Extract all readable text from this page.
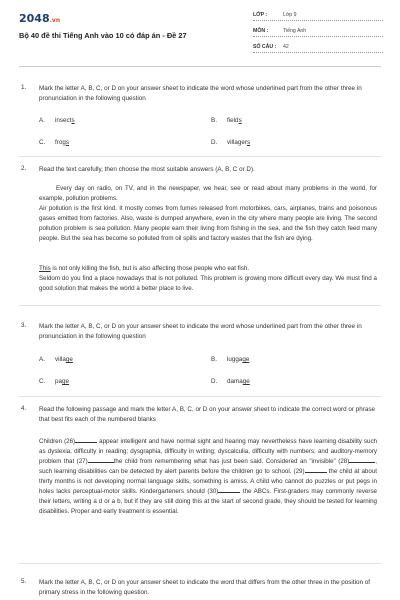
2048.vn
Bộ 40 đề thi Tiếng Anh vào 10 có đáp án - Đề 27
LỚP :	Lớp 9
MÔN :	Tiếng Anh
SỐ CÂU : 42
1. Mark the letter A, B, C, or D on your answer sheet to indicate the word whose underlined part from the other three in pronunciation in the following question
A. insects	B. fields
C. frogs	D. villagers
2. Read the text carefully, then choose the most suitable answers (A, B, C or D).
Every day on radio, on TV, and in the newspaper, we hear, see or read about many problems in the world, for example, pollution problems.
Air pollution is the first kind. It mostly comes from fumes released from motorbikes, cars, airplanes, trains and poisonous gases emitted from factories. Also, waste is dumped anywhere, even in the city where many people are living. The second pollution problem is sea pollution. Many people earn their living from fishing in the sea, and the fish they catch feed many people. But the sea has become so polluted from oil spills and factory wastes that the fish are dying.
This is not only killing the fish, but is also affecting those people who eat fish.
Seldom do you find a place nowadays that is not polluted. This problem is growing more difficult every day. We must find a good solution that makes the world a better place to live.
3. Mark the letter A, B, C, or D on your answer sheet to indicate the word whose underlined part from the other three in pronunciation in the following question
A. village	B. luggage
C. page	D. damage
4. Read the following passage and mark the letter A, B, C, or D on your answer sheet to indicate the correct word or phrase that best fits each of the numbered blanks
Children (26)	appear intelligent and have normal sight and hearing may nevertheless have learning disability such as dyslexia, difficulty in reading; dysgraphia, difficulty in writing; dyscalculia, difficulty with numbers; and auditory-memory problem that (27)	the child from remembering what has just been said. Considered an "invisible" (28)	, such learning disabilities can be detected by alert parents before the children go to school. (29)	the child at about thirty months is not developing normal language skills, something is amiss. A child who cannot do puzzles or put pegs in holes lacks perceptual-motor skills. Kindergarteners should (30)	the ABCs. First-graders may commonly reverse their letters, writing a d or a b, but if they are still doing this at the start of second grade, they should be tested for learning disabilities. Proper and early treatment is essential.
5. Mark the letter A, B, C, or D on your answer sheet to indicate the word that differs from the other three in the position of primary stress in the following question.
